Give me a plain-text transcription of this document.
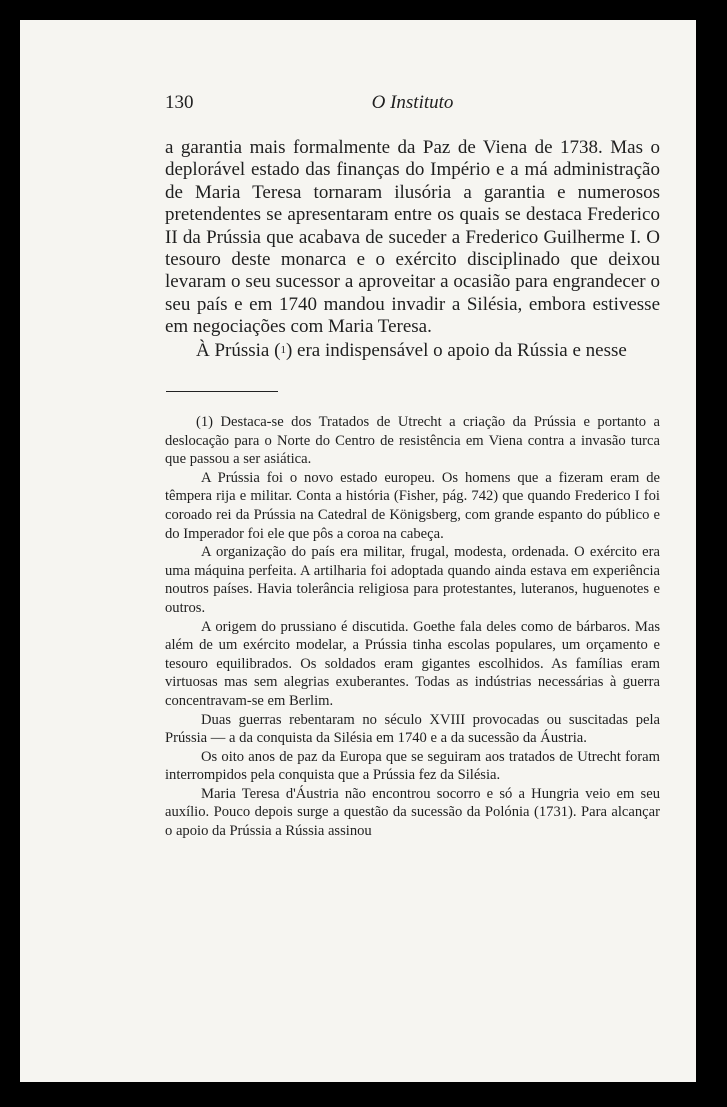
130	O Instituto

a garantia mais formalmente da Paz de Viena de 1738. Mas o deplorável estado das finanças do Império e a má administração de Maria Teresa tornaram ilusória a garantia e numerosos pretendentes se apresentaram entre os quais se destaca Frederico II da Prússia que acabava de suceder a Frederico Guilherme I. O tesouro deste monarca e o exército disciplinado que deixou levaram o seu sucessor a aproveitar a ocasião para engrandecer o seu país e em 1740 mandou invadir a Silésia, embora estivesse em negociações com Maria Teresa.

À Prússia ($^1$) era indispensável o apoio da Rússia e nesse

(1) Destaca-se dos Tratados de Utrecht a criação da Prússia e portanto a deslocação para o Norte do Centro de resistência em Viena contra a invasão turca que passou a ser asiática.

A Prússia foi o novo estado europeu. Os homens que a fizeram eram de têmpera rija e militar. Conta a história (Fisher, pág. 742) que quando Frederico I foi coroado rei da Prússia na Catedral de Königsberg, com grande espanto do público e do Imperador foi ele que pôs a coroa na cabeça.

A organização do país era militar, frugal, modesta, ordenada. O exército era uma máquina perfeita. A artilharia foi adoptada quando ainda estava em experiência noutros países. Havia tolerância religiosa para protestantes, luteranos, huguenotes e outros.

A origem do prussiano é discutida. Goethe fala deles como de bárbaros. Mas além de um exército modelar, a Prússia tinha escolas populares, um orçamento e tesouro equilibrados. Os soldados eram gigantes escolhidos. As famílias eram virtuosas mas sem alegrias exuberantes. Todas as indústrias necessárias à guerra concentravam-se em Berlim.

Duas guerras rebentaram no século XVIII provocadas ou suscitadas pela Prússia — a da conquista da Silésia em 1740 e a da sucessão da Áustria.

Os oito anos de paz da Europa que se seguiram aos tratados de Utrecht foram interrompidos pela conquista que a Prússia fez da Silésia.

Maria Teresa d'Áustria não encontrou socorro e só a Hungria veio em seu auxílio. Pouco depois surge a questão da sucessão da Polónia (1731). Para alcançar o apoio da Prússia a Rússia assinou
